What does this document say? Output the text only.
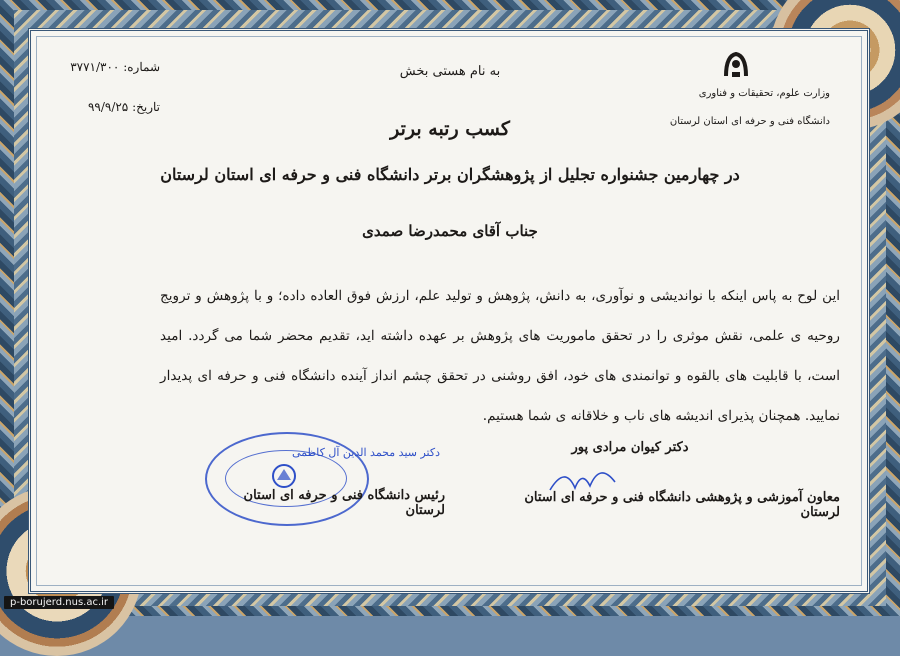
به نام هستی بخش
شماره: ۳۷۷۱/۳۰۰
تاریخ: ۹۹/۹/۲۵
وزارت علوم، تحقیقات و فناوری
دانشگاه فنی و حرفه ای استان لرستان
کسب رتبه برتر
در چهارمین جشنواره تجلیل از پژوهشگران برتر دانشگاه فنی و حرفه ای استان لرستان
جناب آقای محمدرضا صمدی
این لوح به پاس اینکه با نواندیشی و نوآوری، به دانش، پژوهش و تولید علم، ارزش فوق العاده داده؛ و با پژوهش و ترویج روحیه ی علمی، نقش موثری را در تحقق ماموریت های پژوهش بر عهده داشته اید، تقدیم محضر شما می گردد. امید است، با قابلیت های بالقوه و توانمندی های خود، افق روشنی در تحقق چشم انداز آینده دانشگاه فنی و حرفه ای پدیدار نمایید. همچنان پذیرای اندیشه های ناب و خلاقانه ی شما هستیم.
دکتر سید محمد الدین آل کاظمی
رئیس دانشگاه فنی و حرفه ای استان لرستان
دکتر کیوان مرادی پور
معاون آموزشی و پژوهشی دانشگاه فنی و حرفه ای استان لرستان
p-borujerd.nus.ac.ir
